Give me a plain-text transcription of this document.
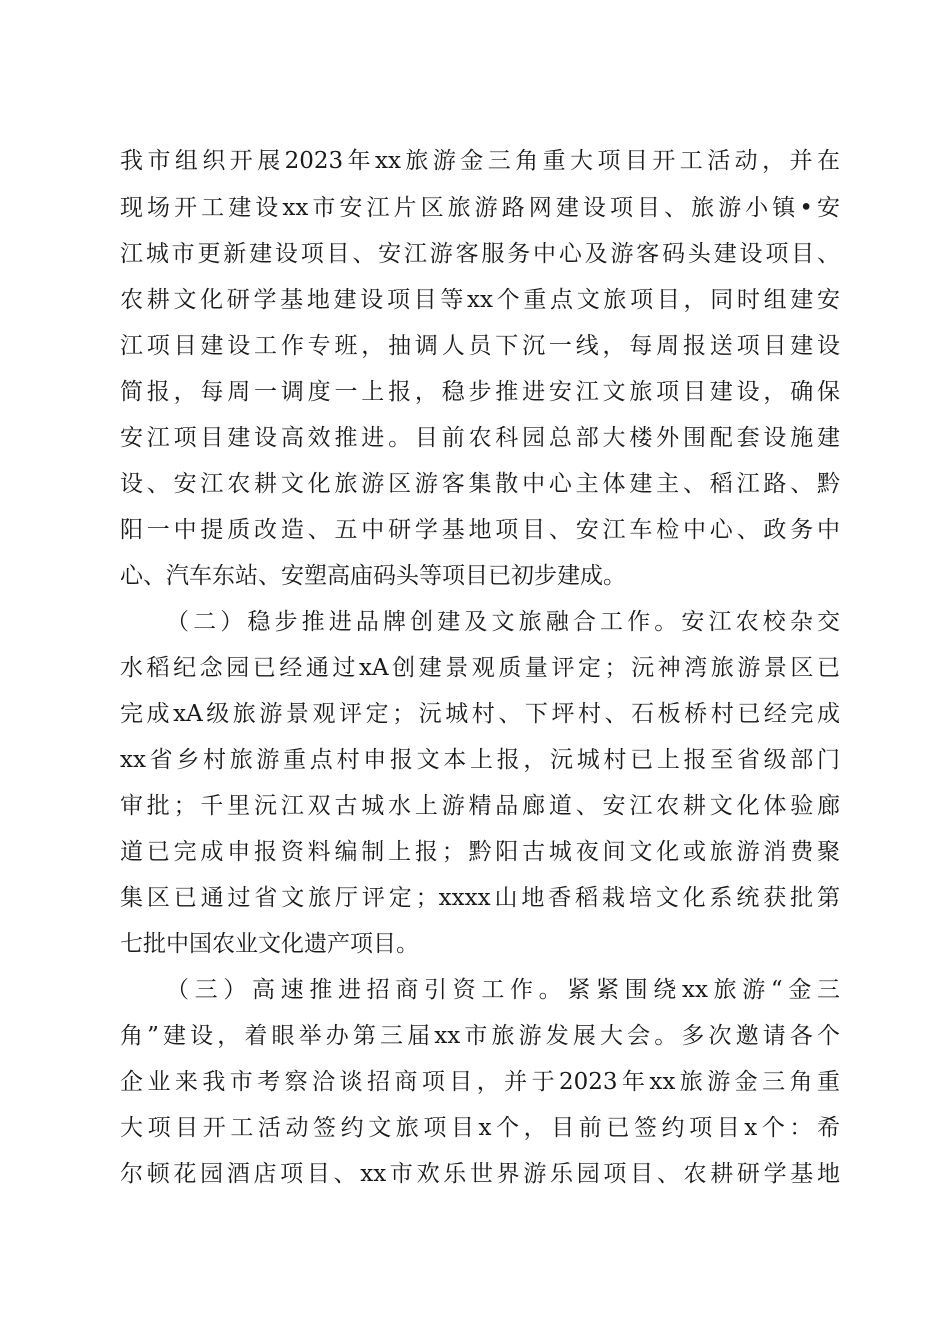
我市组织开展2023年xx旅游金三角重大项目开工活动，并在
现场开工建设xx市安江片区旅游路网建设项目、旅游小镇•安
江城市更新建设项目、安江游客服务中心及游客码头建设项目、
农耕文化研学基地建设项目等xx个重点文旅项目，同时组建安
江项目建设工作专班，抽调人员下沉一线，每周报送项目建设
简报，每周一调度一上报，稳步推进安江文旅项目建设，确保
安江项目建设高效推进。目前农科园总部大楼外围配套设施建
设、安江农耕文化旅游区游客集散中心主体建主、稻江路、黔
阳一中提质改造、五中研学基地项目、安江车检中心、政务中
心、汽车东站、安塑高庙码头等项目已初步建成。
（二）稳步推进品牌创建及文旅融合工作。安江农校杂交
水稻纪念园已经通过xA创建景观质量评定；沅神湾旅游景区已
完成xA级旅游景观评定；沅城村、下坪村、石板桥村已经完成
xx省乡村旅游重点村申报文本上报，沅城村已上报至省级部门
审批；千里沅江双古城水上游精品廊道、安江农耕文化体验廊
道已完成申报资料编制上报；黔阳古城夜间文化或旅游消费聚
集区已通过省文旅厅评定；xxxx山地香稻栽培文化系统获批第
七批中国农业文化遗产项目。
（三）高速推进招商引资工作。紧紧围绕xx旅游“金三
角”建设，着眼举办第三届xx市旅游发展大会。多次邀请各个
企业来我市考察洽谈招商项目，并于2023年xx旅游金三角重
大项目开工活动签约文旅项目x个，目前已签约项目x个：希
尔顿花园酒店项目、xx市欢乐世界游乐园项目、农耕研学基地
